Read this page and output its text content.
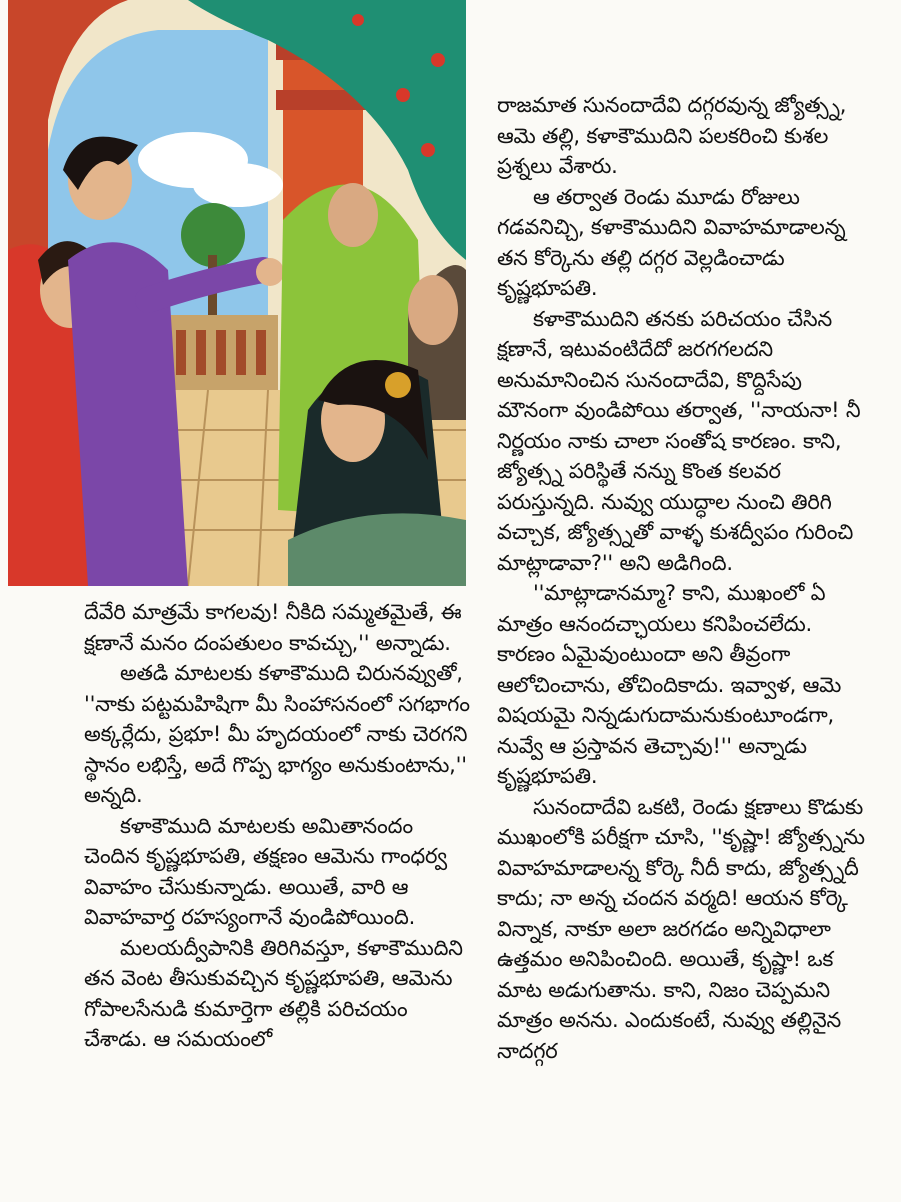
దేవేరి మాత్రమే కాగలవు! నీకిది సమ్మతమైతే, ఈ క్షణానే మనం దంపతులం కావచ్చు,'' అన్నాడు.

అతడి మాటలకు కళాకౌముది చిరునవ్వుతో, ''నాకు పట్టమహిషిగా మీ సింహాసనంలో సగభాగం అక్కర్లేదు, ప్రభూ! మీ హృదయంలో నాకు చెరగని స్థానం లభిస్తే, అదే గొప్ప భాగ్యం అనుకుంటాను,'' అన్నది.

కళాకౌముది మాటలకు అమితానందం చెందిన కృష్ణభూపతి, తక్షణం ఆమెను గాంధర్వ వివాహం చేసుకున్నాడు. అయితే, వారి ఆ వివాహవార్త రహస్యంగానే వుండిపోయింది.

మలయద్వీపానికి తిరిగివస్తూ, కళాకౌముదిని తన వెంట తీసుకువచ్చిన కృష్ణభూపతి, ఆమెను గోపాలసేనుడి కుమార్తెగా తల్లికి పరిచయం చేశాడు. ఆ సమయంలో

రాజమాత సునందాదేవి దగ్గరవున్న జ్యోత్స్న, ఆమె తల్లి, కళాకౌముదిని పలకరించి కుశల ప్రశ్నలు వేశారు.

ఆ తర్వాత రెండు మూడు రోజులు గడవనిచ్చి, కళాకౌముదిని వివాహమాడాలన్న తన కోర్కెను తల్లి దగ్గర వెల్లడించాడు కృష్ణభూపతి.

కళాకౌముదిని తనకు పరిచయం చేసిన క్షణానే, ఇటువంటిదేదో జరగగలదని అనుమానించిన సునందాదేవి, కొద్దిసేపు మౌనంగా వుండిపోయి తర్వాత, ''నాయనా! నీ నిర్ణయం నాకు చాలా సంతోష కారణం. కాని, జ్యోత్స్న పరిస్థితే నన్ను కొంత కలవర పరుస్తున్నది. నువ్వు యుద్ధాల నుంచి తిరిగి వచ్చాక, జ్యోత్స్నతో వాళ్ళ కుశద్వీపం గురించి మాట్లాడావా?'' అని అడిగింది.

''మాట్లాడానమ్మా? కాని, ముఖంలో ఏ మాత్రం ఆనందచ్ఛాయలు కనిపించలేదు. కారణం ఏమైవుంటుందా అని తీవ్రంగా ఆలోచించాను, తోచిందికాదు. ఇవ్వాళ, ఆమె విషయమై నిన్నడుగుదామనుకుంటూండగా, నువ్వే ఆ ప్రస్తావన తెచ్చావు!'' అన్నాడు కృష్ణభూపతి.

సునందాదేవి ఒకటి, రెండు క్షణాలు కొడుకు ముఖంలోకి పరీక్షగా చూసి, ''కృష్ణా! జ్యోత్స్నను వివాహమాడాలన్న కోర్కె నీదీ కాదు, జ్యోత్స్నదీ కాదు; నా అన్న చందన వర్మది! ఆయన కోర్కె విన్నాక, నాకూ అలా జరగడం అన్నివిధాలా ఉత్తమం అనిపించింది. అయితే, కృష్ణా! ఒక మాట అడుగుతాను. కాని, నిజం చెప్పమని మాత్రం అనను. ఎందుకంటే, నువ్వు తల్లినైన నాదగ్గర
